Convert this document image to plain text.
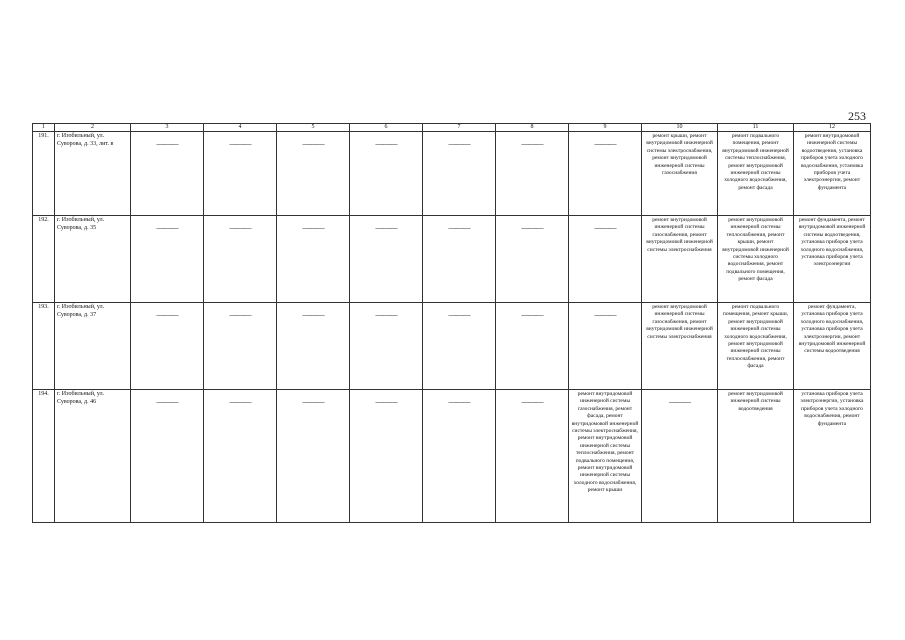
253
1	2	3	4	5	6	7	8	9	10	11	12
191.	г. Изобильный, ул. Суворова, д. 33, лит. в	———	———	———	———	———	———	———	ремонт крыши, ремонт внутридомовой инженерной системы электроснабжения, ремонт внутридомовой инженерной системы газоснабжения	ремонт подвального помещения, ремонт внутридомовой инженерной системы теплоснабжения, ремонт внутридомовой инженерной системы холодного водоснабжения, ремонт фасада	ремонт внутридомовой инженерной системы водоотведения, установка приборов учета холодного водоснабжения, установка приборов учета электроэнергии, ремонт фундамента
192.	г. Изобильный, ул. Суворова, д. 35	———	———	———	———	———	———	———	ремонт внутридомовой инженерной системы газоснабжения, ремонт внутридомовой инженерной системы электроснабжения	ремонт внутридомовой инженерной системы теплоснабжения, ремонт крыши, ремонт внутридомовой инженерной системы холодного водоснабжения, ремонт подвального помещения, ремонт фасада	ремонт фундамента, ремонт внутридомовой инженерной системы водоотведения, установка приборов учета холодного водоснабжения, установка приборов учета электроэнергии
193.	г. Изобильный, ул. Суворова, д. 37	———	———	———	———	———	———	———	ремонт внутридомовой инженерной системы газоснабжения, ремонт внутридомовой инженерной системы электроснабжения	ремонт подвального помещения, ремонт крыши, ремонт внутридомовой инженерной системы холодного водоснабжения, ремонт внутридомовой инженерной системы теплоснабжения, ремонт фасада	ремонт фундамента, установка приборов учета холодного водоснабжения, установка приборов учета электроэнергии, ремонт внутридомовой инженерной системы водоотведения
194.	г. Изобильный, ул. Суворова, д. 46	———	———	———	———	———	———	ремонт внутридомовой инженерной системы газоснабжения, ремонт фасада, ремонт внутридомовой инженерной системы электроснабжения, ремонт внутридомовой инженерной системы теплоснабжения, ремонт подвального помещения, ремонт внутридомовой инженерной системы холодного водоснабжения, ремонт крыши	———	ремонт внутридомовой инженерной системы водоотведения	установка приборов учета электроэнергии, установка приборов учета холодного водоснабжения, ремонт фундамента
